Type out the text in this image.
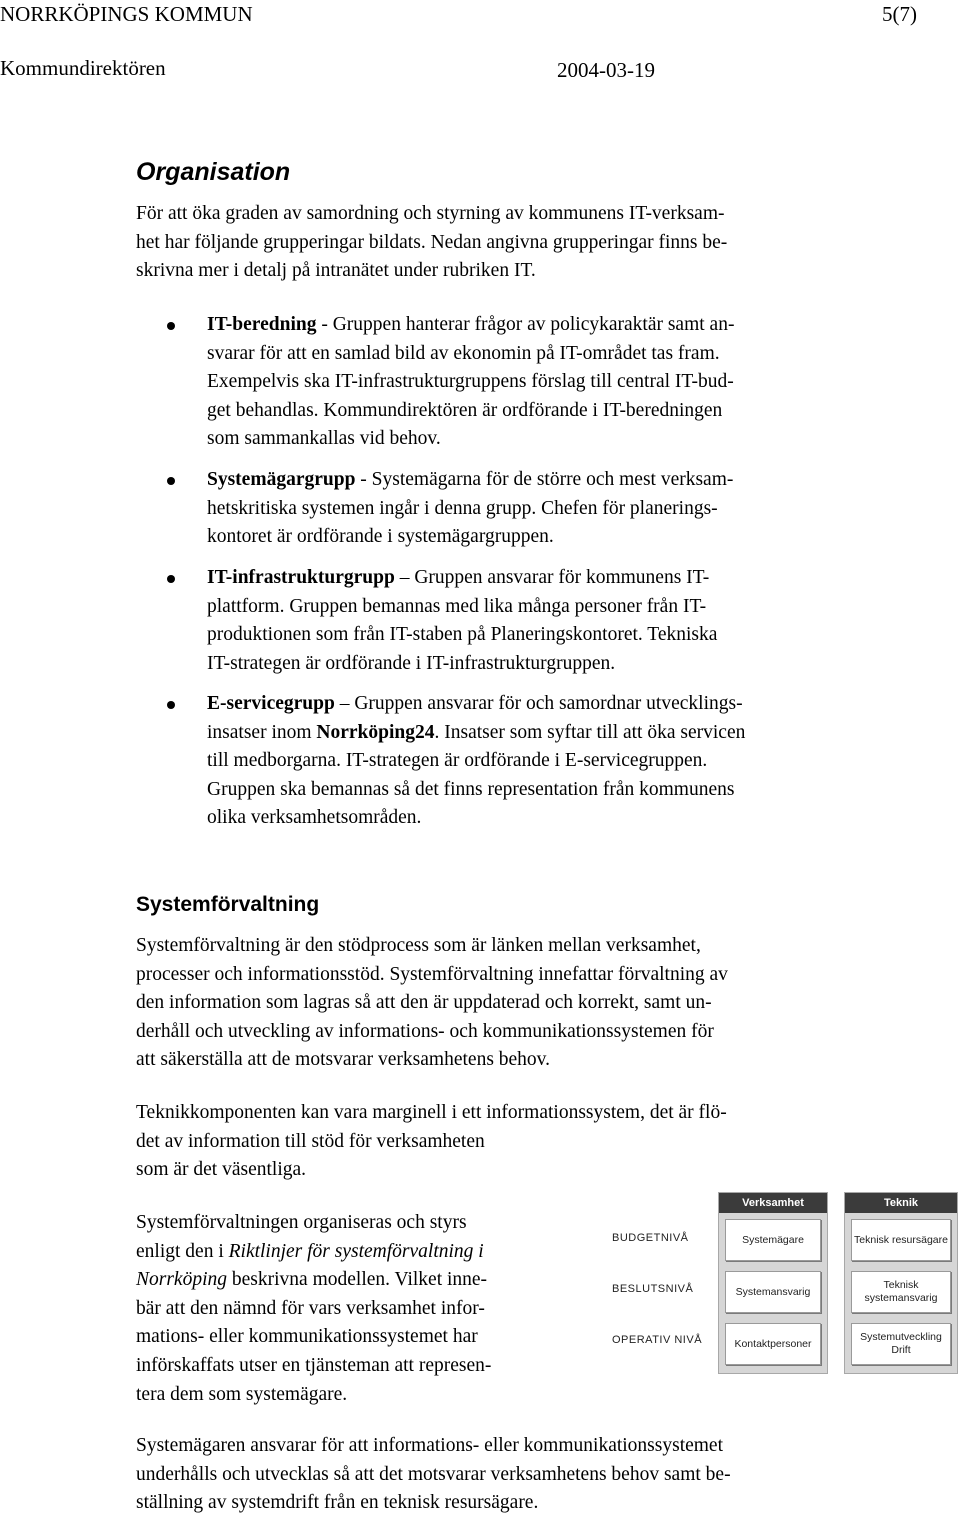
NORRKÖPINGS KOMMUN	5(7)
Kommundirektören	2004-03-19
Organisation
För att öka graden av samordning och styrning av kommunens IT-verksam-
het har följande grupperingar bildats. Nedan angivna grupperingar finns be-
skrivna mer i detalj på intranätet under rubriken IT.
IT-beredning - Gruppen hanterar frågor av policykaraktär samt an-
svarar för att en samlad bild av ekonomin på IT-området tas fram.
Exempelvis ska IT-infrastrukturgruppens förslag till central IT-bud-
get behandlas. Kommundirektören är ordförande i IT-beredningen
som sammankallas vid behov.
Systemägargrupp - Systemägarna för de större och mest verksam-
hetskritiska systemen ingår i denna grupp. Chefen för planerings-
kontoret är ordförande i systemägargruppen.
IT-infrastrukturgrupp – Gruppen ansvarar för kommunens IT-
plattform. Gruppen bemannas med lika många personer från IT-
produktionen som från IT-staben på Planeringskontoret. Tekniska
IT-strategen är ordförande i IT-infrastrukturgruppen.
E-servicegrupp – Gruppen ansvarar för och samordnar utvecklings-
insatser inom Norrköping24. Insatser som syftar till att öka servicen
till medborgarna. IT-strategen är ordförande i E-servicegruppen.
Gruppen ska bemannas så det finns representation från kommunens
olika verksamhetsområden.
Systemförvaltning
Systemförvaltning är den stödprocess som är länken mellan verksamhet,
processer och informationsstöd. Systemförvaltning innefattar förvaltning av
den information som lagras så att den är uppdaterad och korrekt, samt un-
derhåll och utveckling av informations- och kommunikationssystemen för
att säkerställa att de motsvarar verksamhetens behov.
Teknikkomponenten kan vara marginell i ett informationssystem, det är flö-
det av information till stöd för verksamheten
som är det väsentliga.
Systemförvaltningen organiseras och styrs
enligt den i Riktlinjer för systemförvaltning i
Norrköping beskrivna modellen. Vilket inne-
bär att den nämnd för vars verksamhet infor-
mations- eller kommunikationssystemet har
införskaffats utser en tjänsteman att represen-
tera dem som systemägare.
BUDGETNIVÅ
BESLUTSNIVÅ
OPERATIV NIVÅ
Verksamhet
Systemägare
Systemansvarig
Kontaktpersoner
Teknik
Teknisk resursägare
Teknisk systemansvarig
Systemutveckling Drift
Systemägaren ansvarar för att informations- eller kommunikationssystemet
underhålls och utvecklas så att det motsvarar verksamhetens behov samt be-
ställning av systemdrift från en teknisk resursägare.
